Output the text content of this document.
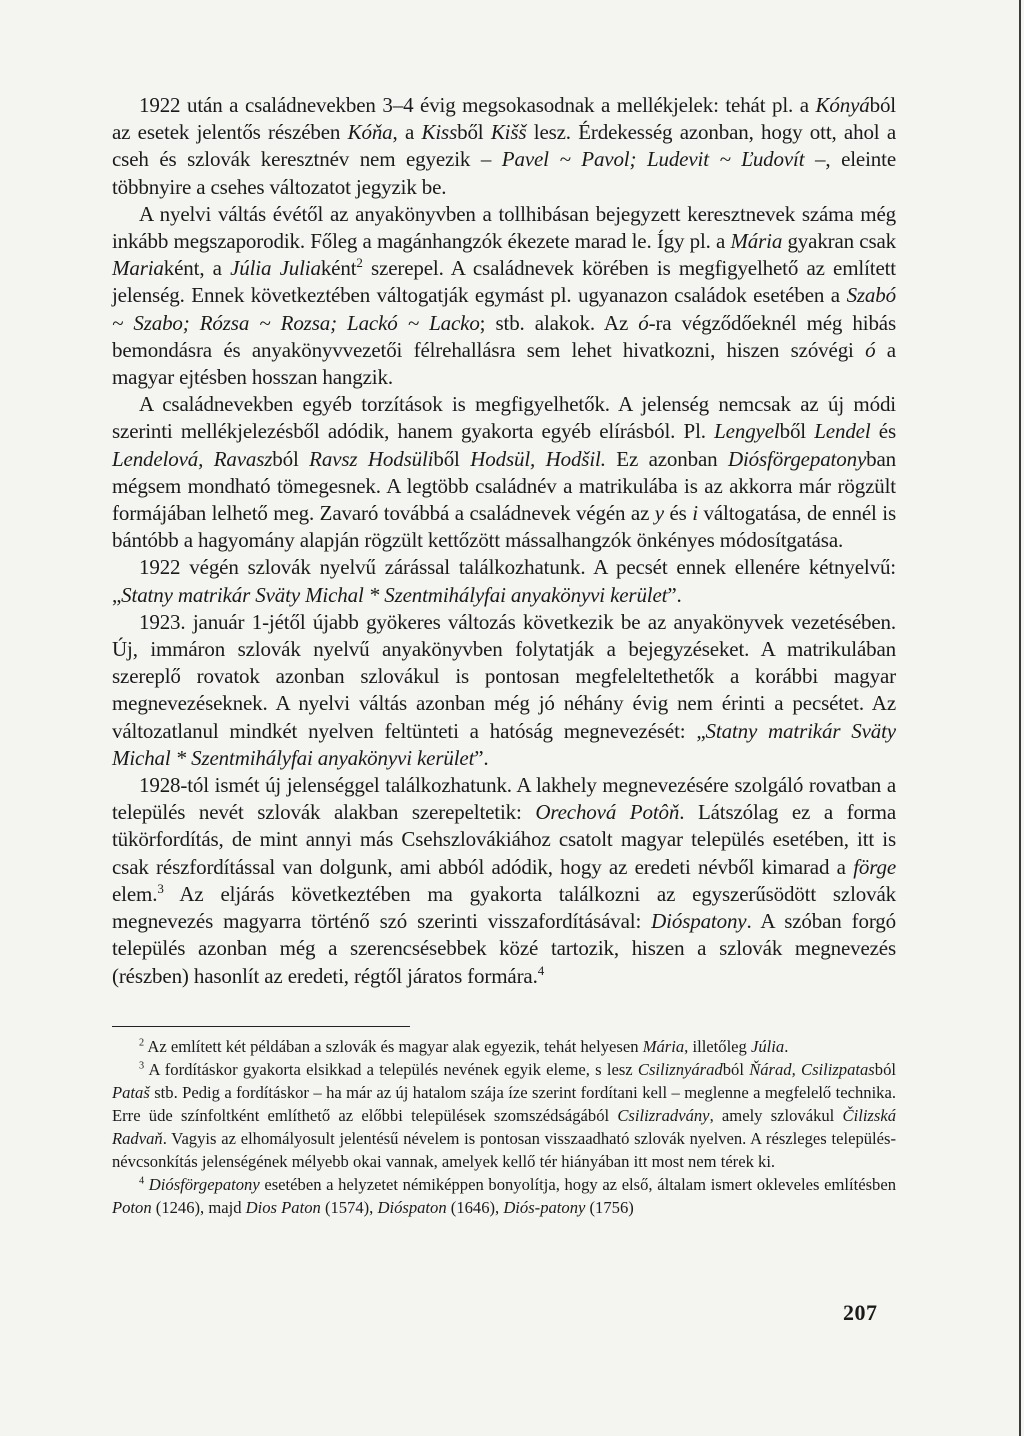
1922 után a családnevekben 3–4 évig megsokasodnak a mellékjelek: tehát pl. a Kónyából az esetek jelentős részében Kóňa, a Kissből Kišš lesz. Érdekesség azonban, hogy ott, ahol a cseh és szlovák keresztnév nem egyezik – Pavel ~ Pavol; Ludevit ~ Ľudovít –, eleinte többnyire a csehes változatot jegyzik be.

A nyelvi váltás évétől az anyakönyvben a tollhibásan bejegyzett keresztnevek száma még inkább megszaporodik. Főleg a magánhangzók ékezete marad le. Így pl. a Mária gyakran csak Mariaként, a Júlia Juliaként$^2$ szerepel. A családnevek körében is megfigyelhető az említett jelenség. Ennek következtében váltogatják egymást pl. ugyanazon családok esetében a Szabó ~ Szabo; Rózsa ~ Rozsa; Lackó ~ Lacko; stb. alakok. Az ó-ra végződőeknél még hibás bemondásra és anyakönyvvezetői félrehallásra sem lehet hivatkozni, hiszen szóvégi ó a magyar ejtésben hosszan hangzik.

A családnevekben egyéb torzítások is megfigyelhetők. A jelenség nemcsak az új módi szerinti mellékjelezésből adódik, hanem gyakorta egyéb elírásból. Pl. Lengyelből Lendel és Lendelová, Ravaszból Ravsz Hodsüliből Hodsül, Hodšil. Ez azonban Diósförgepatonyban mégsem mondható tömegesnek. A legtöbb családnév a matrikulába is az akkorra már rögzült formájában lelhető meg. Zavaró továbbá a családnevek végén az y és i váltogatása, de ennél is bántóbb a hagyomány alapján rögzült kettőzött mássalhangzók önkényes módosítgatása.

1922 végén szlovák nyelvű zárással találkozhatunk. A pecsét ennek ellenére kétnyelvű: „Statny matrikár Sväty Michal * Szentmihályfai anyakönyvi kerület”.

1923. január 1-jétől újabb gyökeres változás következik be az anyakönyvek vezetésében. Új, immáron szlovák nyelvű anyakönyvben folytatják a bejegyzéseket. A matrikulában szereplő rovatok azonban szlovákul is pontosan megfeleltethetők a korábbi magyar megnevezéseknek. A nyelvi váltás azonban még jó néhány évig nem érinti a pecsétet. Az változatlanul mindkét nyelven feltünteti a hatóság megnevezését: „Statny matrikár Sväty Michal * Szentmihályfai anyakönyvi kerület”.

1928-tól ismét új jelenséggel találkozhatunk. A lakhely megnevezésére szolgáló rovatban a település nevét szlovák alakban szerepeltetik: Orechová Potôň. Látszólag ez a forma tükörfordítás, de mint annyi más Csehszlovákiához csatolt magyar település esetében, itt is csak részfordítással van dolgunk, ami abból adódik, hogy az eredeti névből kimarad a förge elem.$^3$ Az eljárás következtében ma gyakorta találkozni az egyszerűsödött szlovák megnevezés magyarra történő szó szerinti visszafordításával: Dióspatony. A szóban forgó település azonban még a szerencsésebbek közé tartozik, hiszen a szlovák megnevezés (részben) hasonlít az eredeti, régtől járatos formára.$^4$

$^2$ Az említett két példában a szlovák és magyar alak egyezik, tehát helyesen Mária, illetőleg Júlia.

$^3$ A fordításkor gyakorta elsikkad a település nevének egyik eleme, s lesz Csiliznyáradból Ňárad, Csilizpatasból Pataš stb. Pedig a fordításkor – ha már az új hatalom szája íze szerint fordítani kell – meglenne a megfelelő technika. Erre üde színfoltként említhető az előbbi települések szomszédságából Csilizradvány, amely szlovákul Čilizská Radvaň. Vagyis az elhomályosult jelentésű névelem is pontosan visszaadható szlovák nyelven. A részleges település-névcsonkítás jelenségének mélyebb okai vannak, amelyek kellő tér hiányában itt most nem térek ki.

$^4$ Diósförgepatony esetében a helyzetet némiképpen bonyolítja, hogy az első, általam ismert okleveles említésben Poton (1246), majd Dios Paton (1574), Dióspaton (1646), Diós-patony (1756)

207
